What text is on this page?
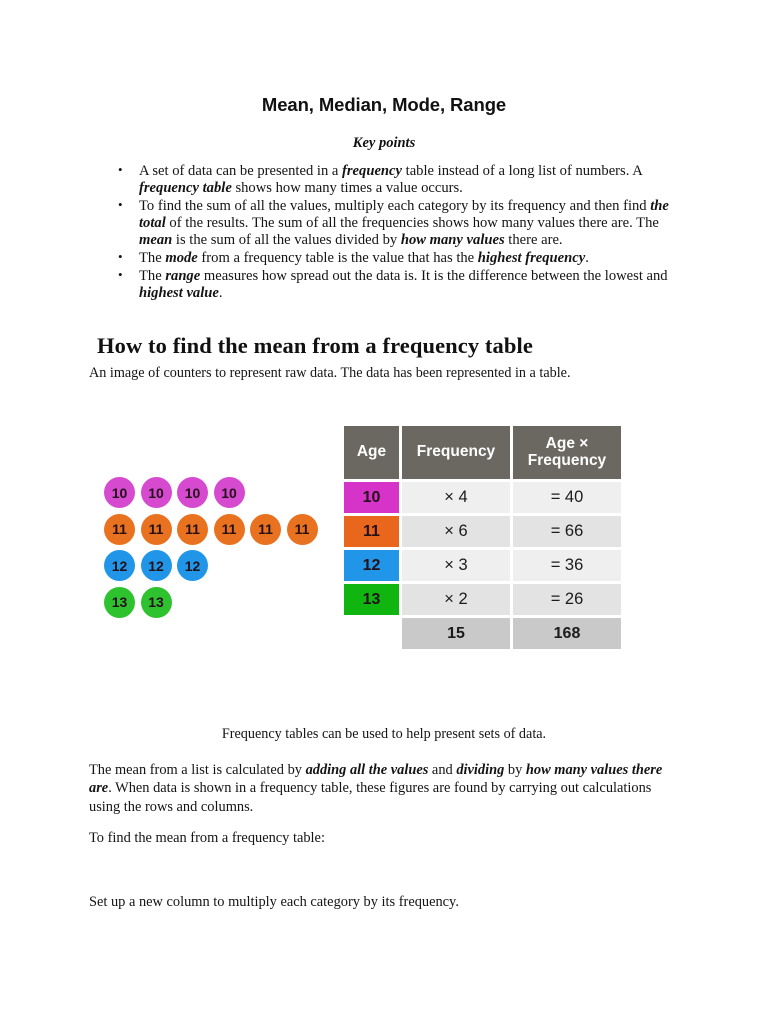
Mean, Median, Mode, Range
Key points
• A set of data can be presented in a frequency table instead of a long list of numbers. A frequency table shows how many times a value occurs.
• To find the sum of all the values, multiply each category by its frequency and then find the total of the results. The sum of all the frequencies shows how many values there are. The mean is the sum of all the values divided by how many values there are.
• The mode from a frequency table is the value that has the highest frequency.
• The range measures how spread out the data is. It is the difference between the lowest and highest value.
How to find the mean from a frequency table
An image of counters to represent raw data. The data has been represented in a table.
10	10	10	10
11	11	11	11	11	11
12	12	12
13	13
Age	Frequency	Age × Frequency
10	× 4	= 40
11	× 6	= 66
12	× 3	= 36
13	× 2	= 26
	15	168
Frequency tables can be used to help present sets of data.
The mean from a list is calculated by adding all the values and dividing by how many values there are. When data is shown in a frequency table, these figures are found by carrying out calculations using the rows and columns.
To find the mean from a frequency table:
Set up a new column to multiply each category by its frequency.
